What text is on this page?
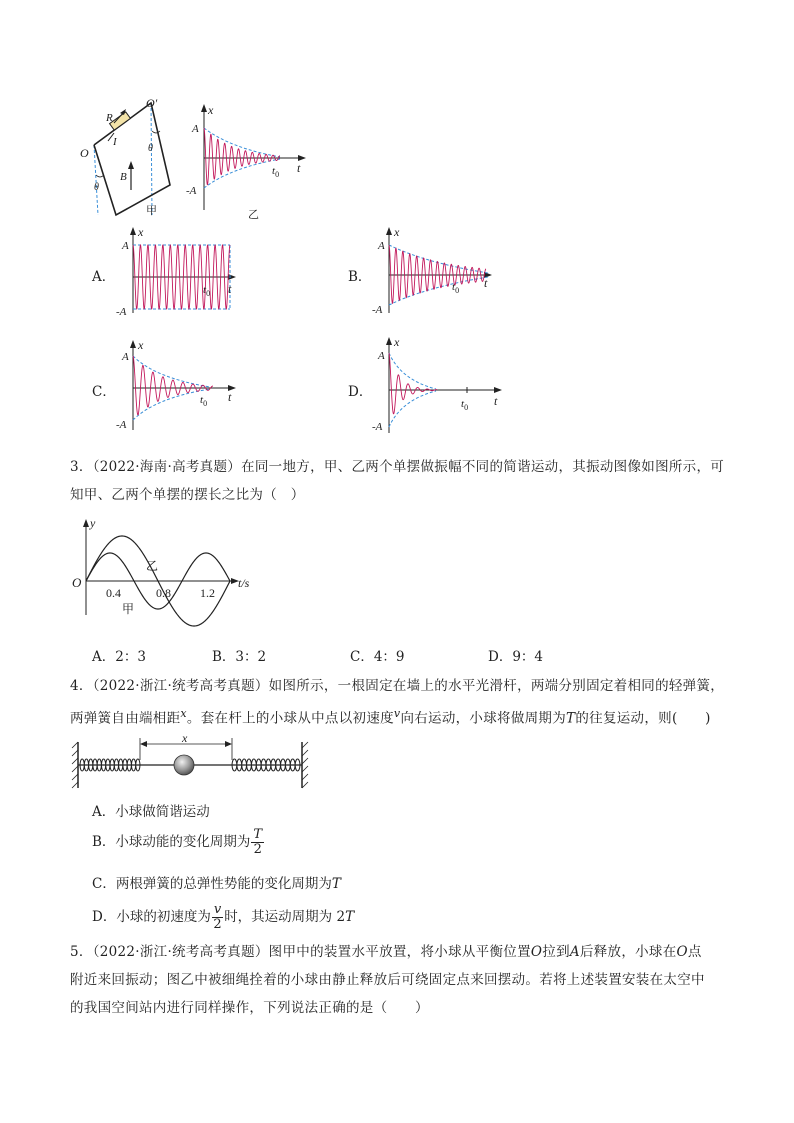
O
O′
R
I
B
θ
θ
甲
x
A
-A
t
$t_0$
乙
A．
x
A
-A
t
$t_0$
B．
x
A
-A
t
$t_0$
C．
x
A
-A
t
$t_0$
D．
x
A
-A
t
$t_0$
3．（2022·海南·高考真题）在同一地方，甲、乙两个单摆做振幅不同的简谐运动，其振动图像如图所示，可
知甲、乙两个单摆的摆长之比为（　）
y
O	t/s
0.4	0.8 1.2
乙
甲
A．2：3	B．3：2	C．4：9	D．9：4
4．（2022·浙江·统考高考真题）如图所示，一根固定在墙上的水平光滑杆，两端分别固定着相同的轻弹簧，
两弹簧自由端相距$^x$。套在杆上的小球从中点以初速度$^v$向右运动，小球将做周期为T的往复运动，则(　　)
x
A．小球做简谐运动
B．小球动能的变化周期为 $\frac{T}{2}$
C．两根弹簧的总弹性势能的变化周期为T
D．小球的初速度为 $\frac{v}{2}$ 时，其运动周期为 2T
5．（2022·浙江·统考高考真题）图甲中的装置水平放置，将小球从平衡位置O拉到A后释放，小球在O点
附近来回振动；图乙中被细绳拴着的小球由静止释放后可绕固定点来回摆动。若将上述装置安装在太空中
的我国空间站内进行同样操作，下列说法正确的是（　　）
